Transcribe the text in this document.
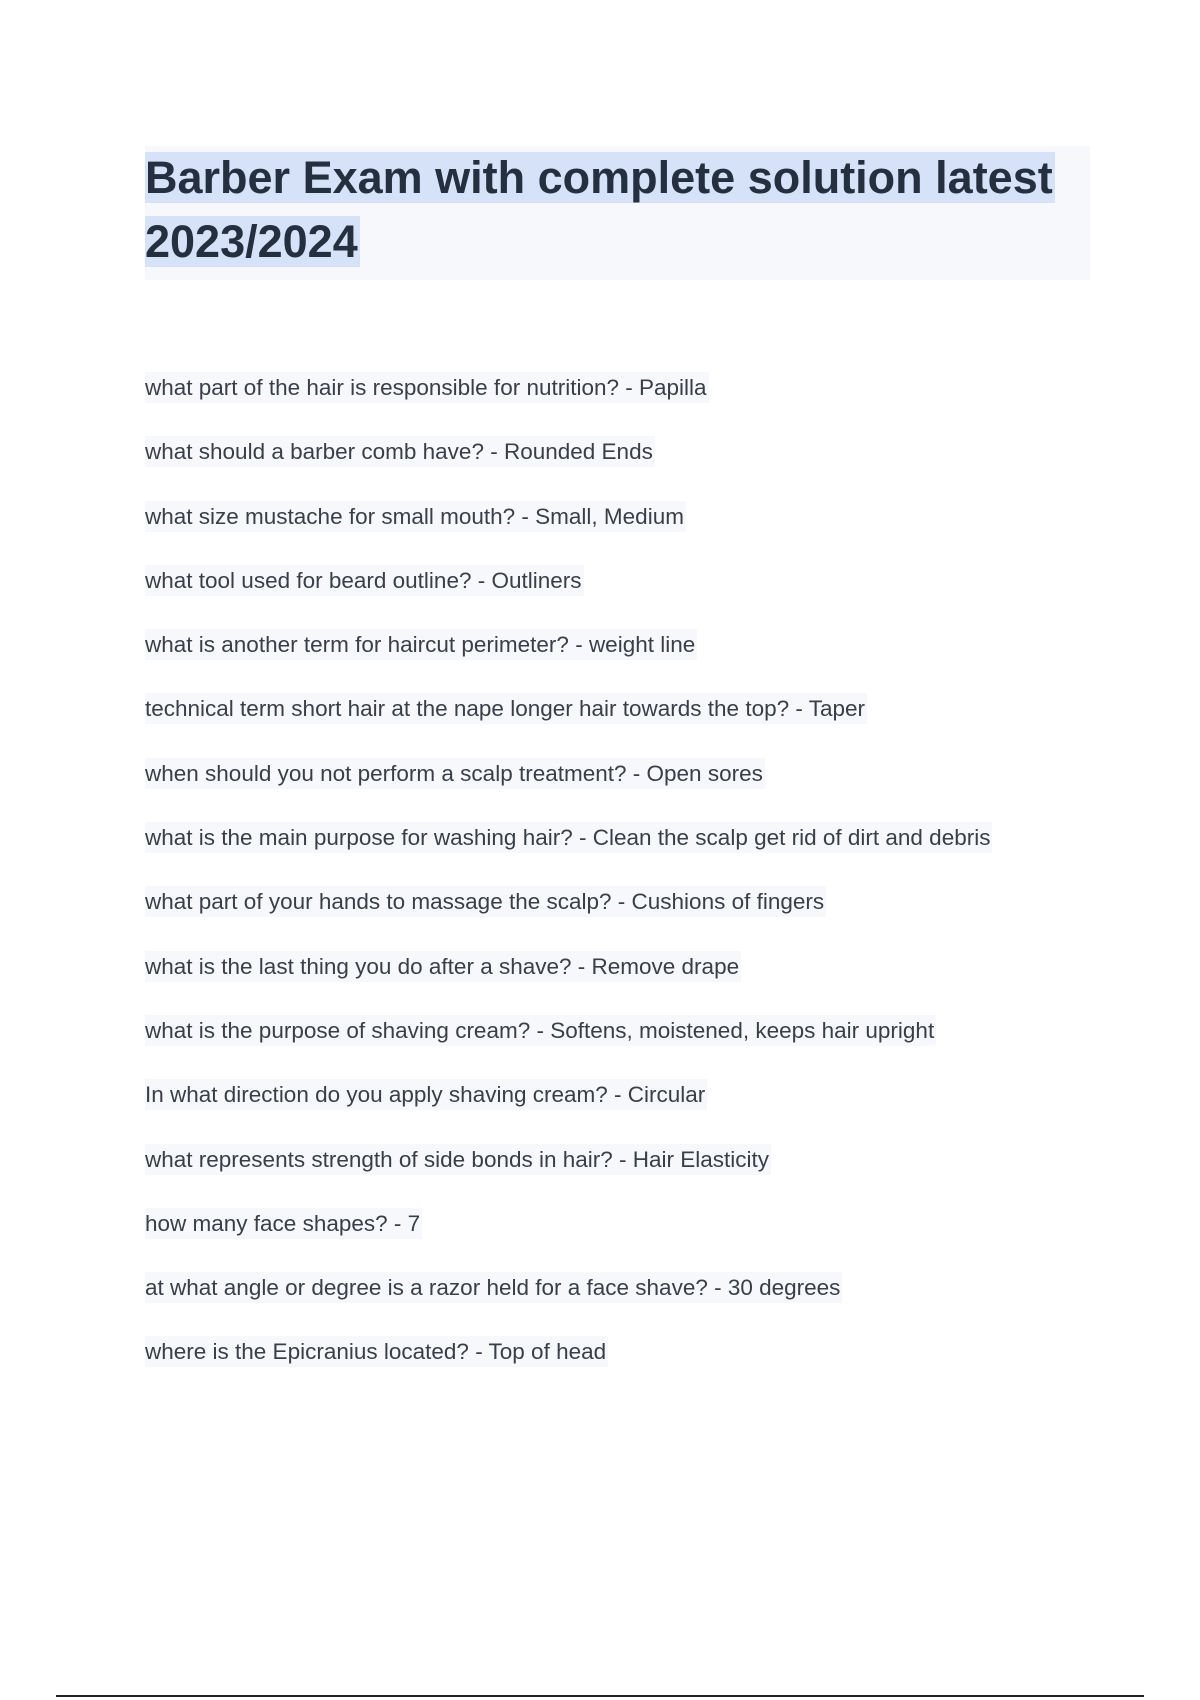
Barber Exam with complete solution latest
2023/2024
what part of the hair is responsible for nutrition? - Papilla
what should a barber comb have? - Rounded Ends
what size mustache for small mouth? - Small, Medium
what tool used for beard outline? - Outliners
what is another term for haircut perimeter? - weight line
technical term short hair at the nape longer hair towards the top? - Taper
when should you not perform a scalp treatment? - Open sores
what is the main purpose for washing hair? - Clean the scalp get rid of dirt and debris
what part of your hands to massage the scalp? - Cushions of fingers
what is the last thing you do after a shave? - Remove drape
what is the purpose of shaving cream? - Softens, moistened, keeps hair upright
In what direction do you apply shaving cream? - Circular
what represents strength of side bonds in hair? - Hair Elasticity
how many face shapes? - 7
at what angle or degree is a razor held for a face shave? - 30 degrees
where is the Epicranius located? - Top of head
